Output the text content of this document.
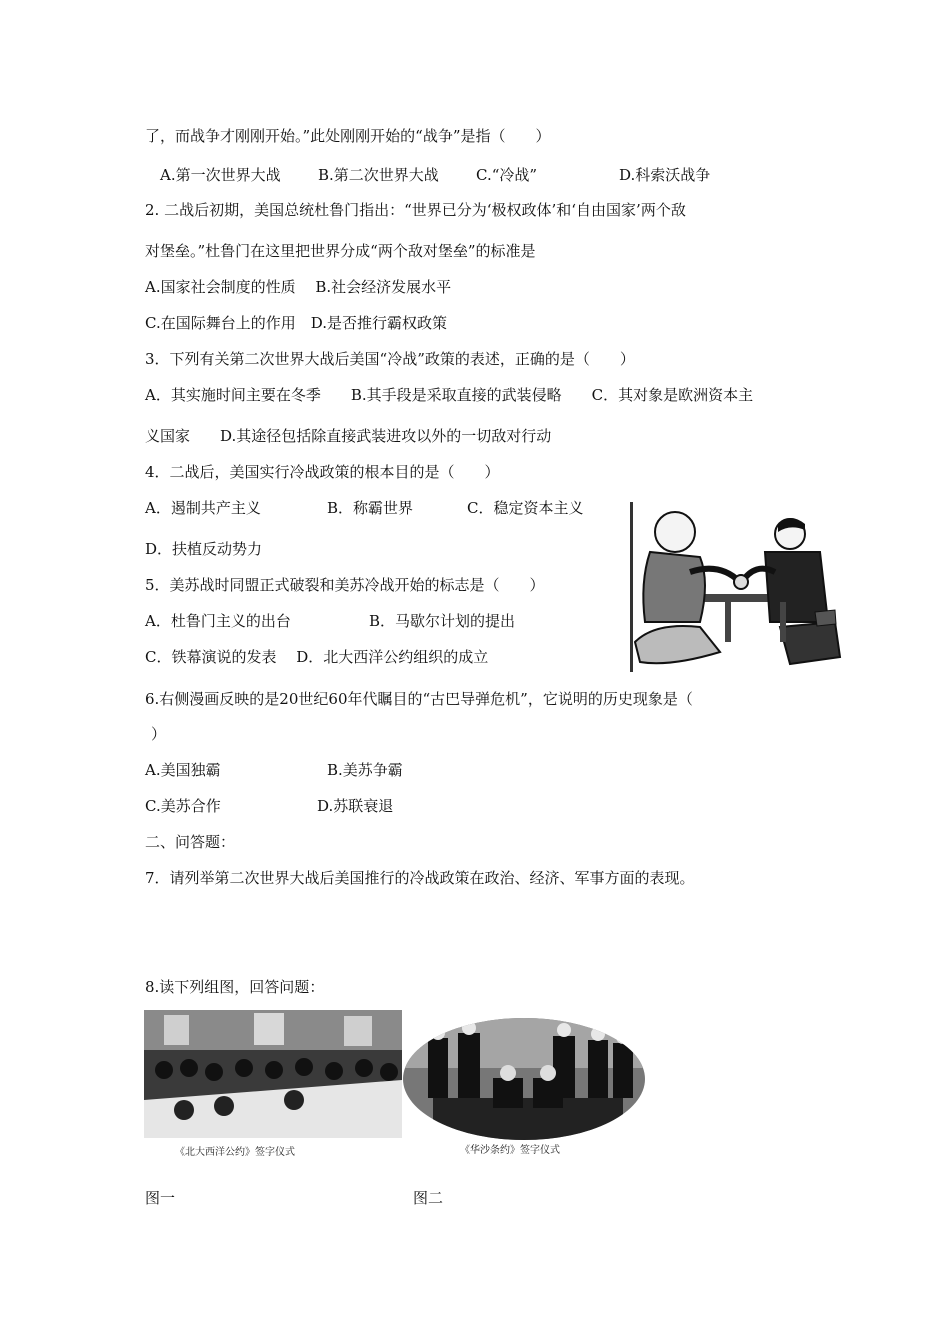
了，而战争才刚刚开始。”此处刚刚开始的“战争”是指（　　）
A.第一次世界大战 B.第二次世界大战 C.“冷战”	D.科索沃战争
2. 二战后初期，美国总统杜鲁门指出：“世界已分为‘极权政体’和‘自由国家’两个敌
对堡垒。”杜鲁门在这里把世界分成“两个敌对堡垒”的标准是
A.国家社会制度的性质　 B.社会经济发展水平
C.在国际舞台上的作用　D.是否推行霸权政策
3．下列有关第二次世界大战后美国“冷战”政策的表述，正确的是（　　）
A．其实施时间主要在冬季　　B.其手段是采取直接的武装侵略　　C．其对象是欧洲资本主
义国家　　D.其途径包括除直接武装进攻以外的一切敌对行动
4．二战后，美国实行冷战政策的根本目的是（　　）
A．遏制共产主义	B．称霸世界	C．稳定资本主义
D．扶植反动势力
5．美苏战时同盟正式破裂和美苏冷战开始的标志是（　　）
A．杜鲁门主义的出台	B．马歇尔计划的提出
C．铁幕演说的发表　 D．北大西洋公约组织的成立
6.右侧漫画反映的是20世纪60年代瞩目的“古巴导弹危机”，它说明的历史现象是（
）
A.美国独霸	B.美苏争霸
C.美苏合作	D.苏联衰退
二、问答题：
7．请列举第二次世界大战后美国推行的冷战政策在政治、经济、军事方面的表现。
8.读下列组图，回答问题：
《北大西洋公约》签字仪式	《华沙条约》签字仪式
图一	图二
